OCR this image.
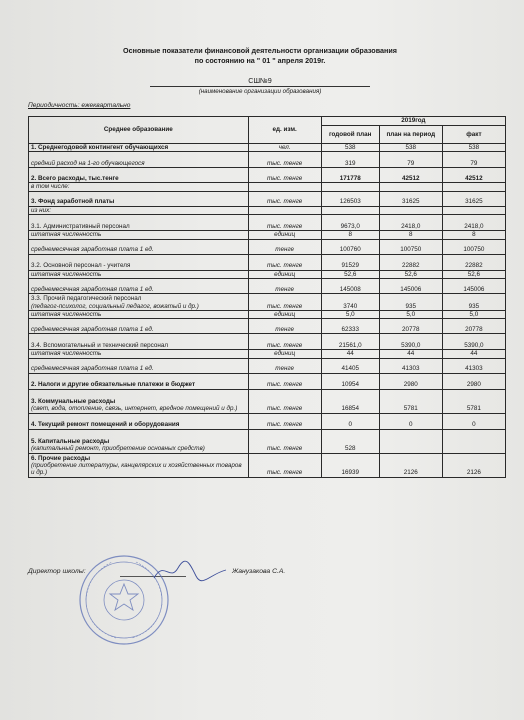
Основные показатели финансовой деятельности организации образования
по состоянию на " 01 " апреля 2019г.
СШ№9
(наименование организации образования)
Периодичность: ежеквартально
Среднее образование	ед. изм.	2019год		
		годовой план	план на период	факт

1. Среднегодовой контингент обучающихся	чел.	538	538	538

средний расход на 1-го обучающегося	тыс. тенге	319	79	79

2. Всего расходы, тыс.тенге	тыс. тенге	171778	42512	42512

в том числе:				

3. Фонд заработной платы	тыс. тенге	126503	31625	31625

из них:				

3.1. Административный персонал	тыс. тенге	9673,0	2418,0	2418,0

штатная численность	единиц	8	8	8

среднемесячная заработная плата 1 ед.	тенге	100760	100750	100750

3.2. Основной персонал - учителя	тыс. тенге	91529	22882	22882

штатная численность	единиц	52,6	52,6	52,6

среднемесячная заработная плата 1 ед.	тенге	145008	145006	145006

3.3. Прочий педагогический персонал
(педагог-психолог, социальный педагог, вожатый и др.)	тыс. тенге	3740	935	935

штатная численность	единиц	5,0	5,0	5,0

среднемесячная заработная плата 1 ед.	тенге	62333	20778	20778

3.4. Вспомогательный и технический персонал	тыс. тенге	21561,0	5390,0	5390,0

штатная численность	единиц	44	44	44

среднемесячная заработная плата 1 ед.	тенге	41405	41303	41303

2. Налоги и другие обязательные платежи в бюджет	тыс. тенге	10954	2980	2980

3. Коммунальные расходы
(свет, вода, отопление, связь, интернет, вредное помещений и др.)	тыс. тенге	16854	5781	5781

4. Текущий ремонт помещений и оборудования	тыс. тенге	0	0	0

5. Капитальные расходы
(капитальный ремонт, приобретение основных средств)	тыс. тенге	528		

6. Прочие расходы
(приобретение литературы, канцелярских и хозяйственных товаров и др.)	тыс. тенге	16939	2126	2126
Директор школы:	Жанузакова С.А.
